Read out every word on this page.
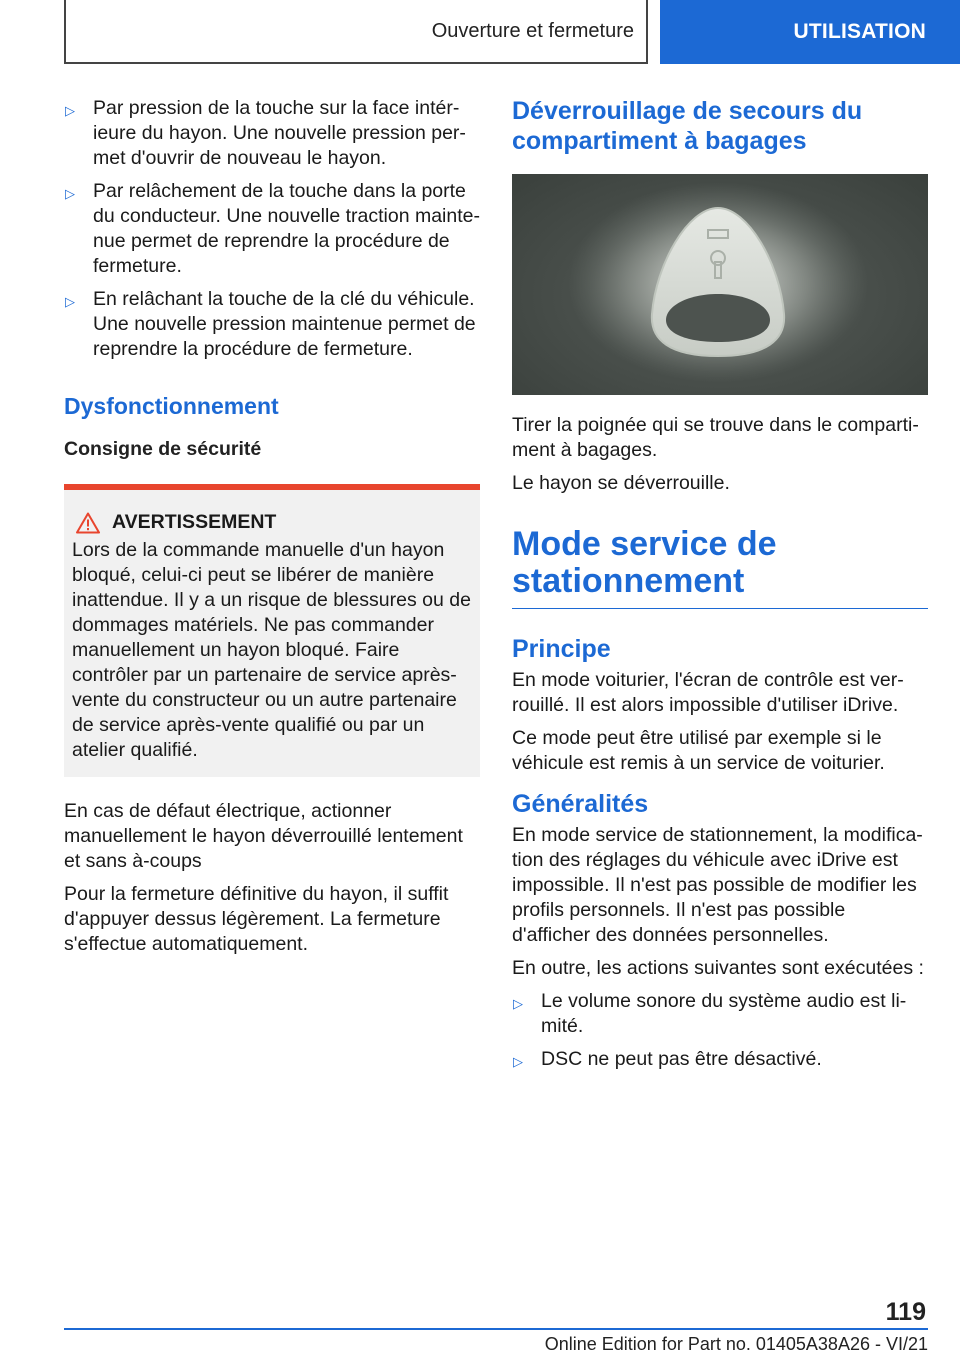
Ouverture et fermeture	UTILISATION
▷ Par pression de la touche sur la face intérieure du hayon. Une nouvelle pression permet d'ouvrir de nouveau le hayon.
▷ Par relâchement de la touche dans la porte du conducteur. Une nouvelle traction maintenue permet de reprendre la procédure de fermeture.
▷ En relâchant la touche de la clé du véhicule. Une nouvelle pression maintenue permet de reprendre la procédure de fermeture.
Dysfonctionnement
Consigne de sécurité
AVERTISSEMENT
Lors de la commande manuelle d'un hayon bloqué, celui-ci peut se libérer de manière inattendue. Il y a un risque de blessures ou de dommages matériels. Ne pas commander manuellement un hayon bloqué. Faire contrôler par un partenaire de service après-vente du constructeur ou un autre partenaire de service après-vente qualifié ou par un atelier qualifié.

En cas de défaut électrique, actionner manuellement le hayon déverrouillé lentement et sans à-coups

Pour la fermeture définitive du hayon, il suffit d'appuyer dessus légèrement. La fermeture s'effectue automatiquement.

Déverrouillage de secours du compartiment à bagages

Tirer la poignée qui se trouve dans le compartiment à bagages.

Le hayon se déverrouille.

Mode service de stationnement
Principe

En mode voiturier, l'écran de contrôle est verrouillé. Il est alors impossible d'utiliser iDrive.

Ce mode peut être utilisé par exemple si le véhicule est remis à un service de voiturier.

Généralités

En mode service de stationnement, la modification des réglages du véhicule avec iDrive est impossible. Il n'est pas possible de modifier les profils personnels. Il n'est pas possible d'afficher des données personnelles.

En outre, les actions suivantes sont exécutées :

▷ Le volume sonore du système audio est limité.
▷ DSC ne peut pas être désactivé.
119
Online Edition for Part no. 01405A38A26 - VI/21
